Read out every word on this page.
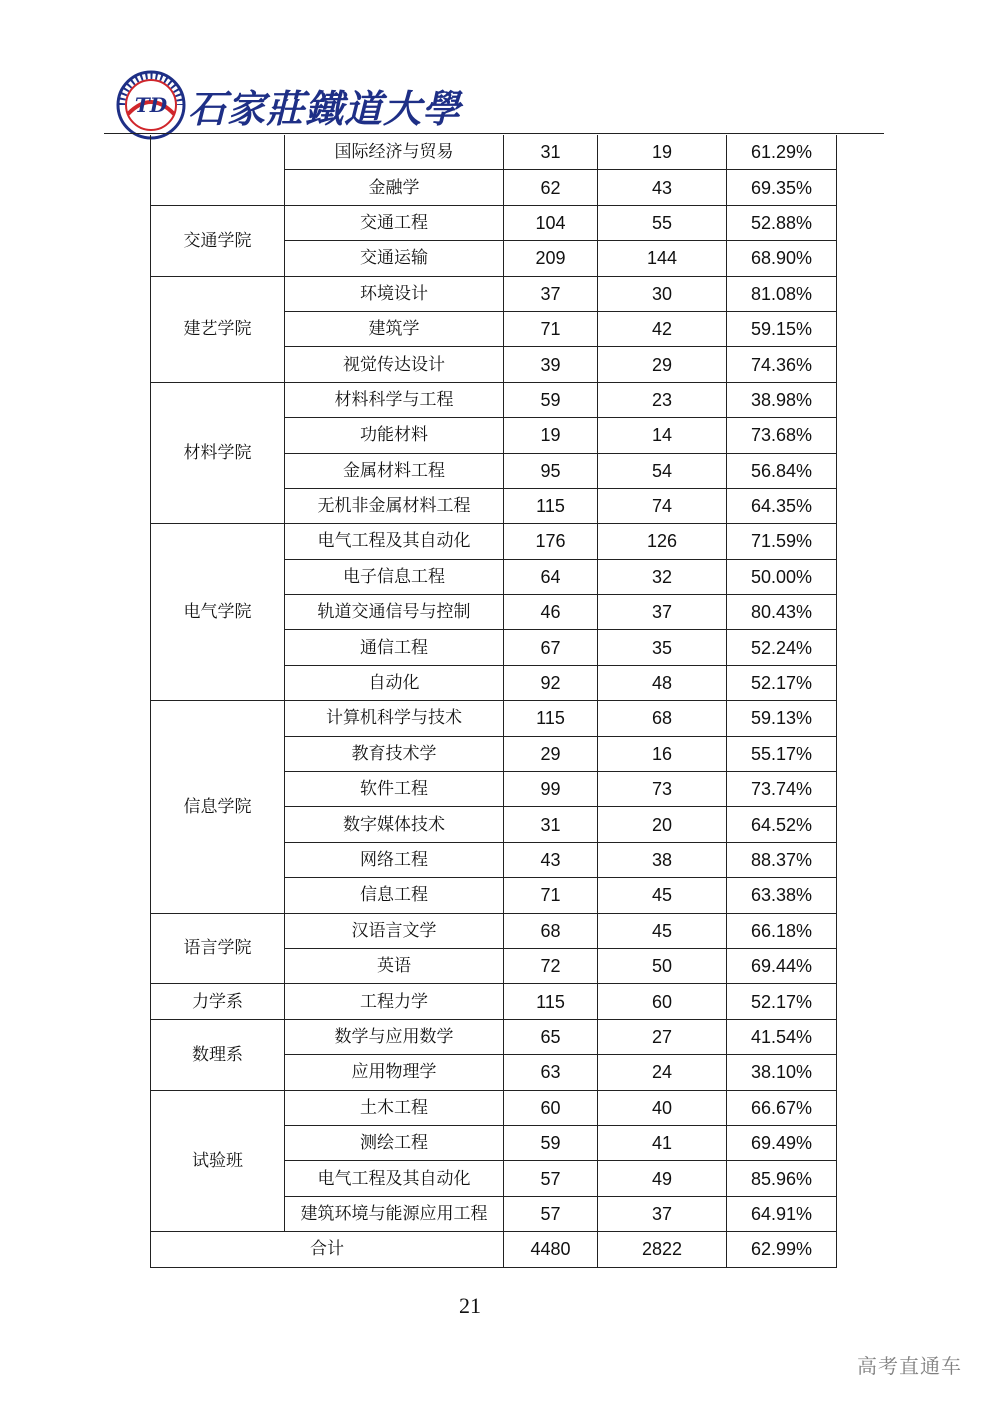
TD 石家莊鐵道大學
	国际经济与贸易	31	19	61.29%
	金融学	62	43	69.35%
交通学院	交通工程	104	55	52.88%
	交通运输	209	144	68.90%
建艺学院	环境设计	37	30	81.08%
	建筑学	71	42	59.15%
	视觉传达设计	39	29	74.36%
材料学院	材料科学与工程	59	23	38.98%
	功能材料	19	14	73.68%
	金属材料工程	95	54	56.84%
	无机非金属材料工程	115	74	64.35%
电气学院	电气工程及其自动化	176	126	71.59%
	电子信息工程	64	32	50.00%
	轨道交通信号与控制	46	37	80.43%
	通信工程	67	35	52.24%
	自动化	92	48	52.17%
信息学院	计算机科学与技术	115	68	59.13%
	教育技术学	29	16	55.17%
	软件工程	99	73	73.74%
	数字媒体技术	31	20	64.52%
	网络工程	43	38	88.37%
	信息工程	71	45	63.38%
语言学院	汉语言文学	68	45	66.18%
	英语	72	50	69.44%
力学系	工程力学	115	60	52.17%
数理系	数学与应用数学	65	27	41.54%
	应用物理学	63	24	38.10%
试验班	土木工程	60	40	66.67%
	测绘工程	59	41	69.49%
	电气工程及其自动化	57	49	85.96%
	建筑环境与能源应用工程	57	37	64.91%
合计		4480	2822	62.99%
21
高考直通车
